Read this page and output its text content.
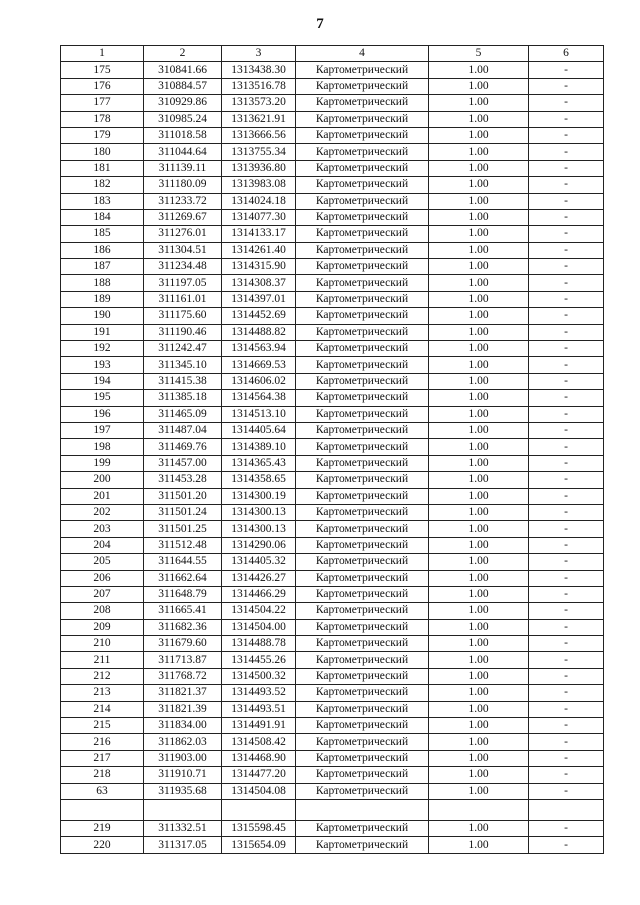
7
1	2	3	4	5	6
175	310841.66	1313438.30	Картометрический	1.00	-
176	310884.57	1313516.78	Картометрический	1.00	-
177	310929.86	1313573.20	Картометрический	1.00	-
178	310985.24	1313621.91	Картометрический	1.00	-
179	311018.58	1313666.56	Картометрический	1.00	-
180	311044.64	1313755.34	Картометрический	1.00	-
181	311139.11	1313936.80	Картометрический	1.00	-
182	311180.09	1313983.08	Картометрический	1.00	-
183	311233.72	1314024.18	Картометрический	1.00	-
184	311269.67	1314077.30	Картометрический	1.00	-
185	311276.01	1314133.17	Картометрический	1.00	-
186	311304.51	1314261.40	Картометрический	1.00	-
187	311234.48	1314315.90	Картометрический	1.00	-
188	311197.05	1314308.37	Картометрический	1.00	-
189	311161.01	1314397.01	Картометрический	1.00	-
190	311175.60	1314452.69	Картометрический	1.00	-
191	311190.46	1314488.82	Картометрический	1.00	-
192	311242.47	1314563.94	Картометрический	1.00	-
193	311345.10	1314669.53	Картометрический	1.00	-
194	311415.38	1314606.02	Картометрический	1.00	-
195	311385.18	1314564.38	Картометрический	1.00	-
196	311465.09	1314513.10	Картометрический	1.00	-
197	311487.04	1314405.64	Картометрический	1.00	-
198	311469.76	1314389.10	Картометрический	1.00	-
199	311457.00	1314365.43	Картометрический	1.00	-
200	311453.28	1314358.65	Картометрический	1.00	-
201	311501.20	1314300.19	Картометрический	1.00	-
202	311501.24	1314300.13	Картометрический	1.00	-
203	311501.25	1314300.13	Картометрический	1.00	-
204	311512.48	1314290.06	Картометрический	1.00	-
205	311644.55	1314405.32	Картометрический	1.00	-
206	311662.64	1314426.27	Картометрический	1.00	-
207	311648.79	1314466.29	Картометрический	1.00	-
208	311665.41	1314504.22	Картометрический	1.00	-
209	311682.36	1314504.00	Картометрический	1.00	-
210	311679.60	1314488.78	Картометрический	1.00	-
211	311713.87	1314455.26	Картометрический	1.00	-
212	311768.72	1314500.32	Картометрический	1.00	-
213	311821.37	1314493.52	Картометрический	1.00	-
214	311821.39	1314493.51	Картометрический	1.00	-
215	311834.00	1314491.91	Картометрический	1.00	-
216	311862.03	1314508.42	Картометрический	1.00	-
217	311903.00	1314468.90	Картометрический	1.00	-
218	311910.71	1314477.20	Картометрический	1.00	-
63	311935.68	1314504.08	Картометрический	1.00	-

219	311332.51	1315598.45	Картометрический	1.00	-
220	311317.05	1315654.09	Картометрический	1.00	-
